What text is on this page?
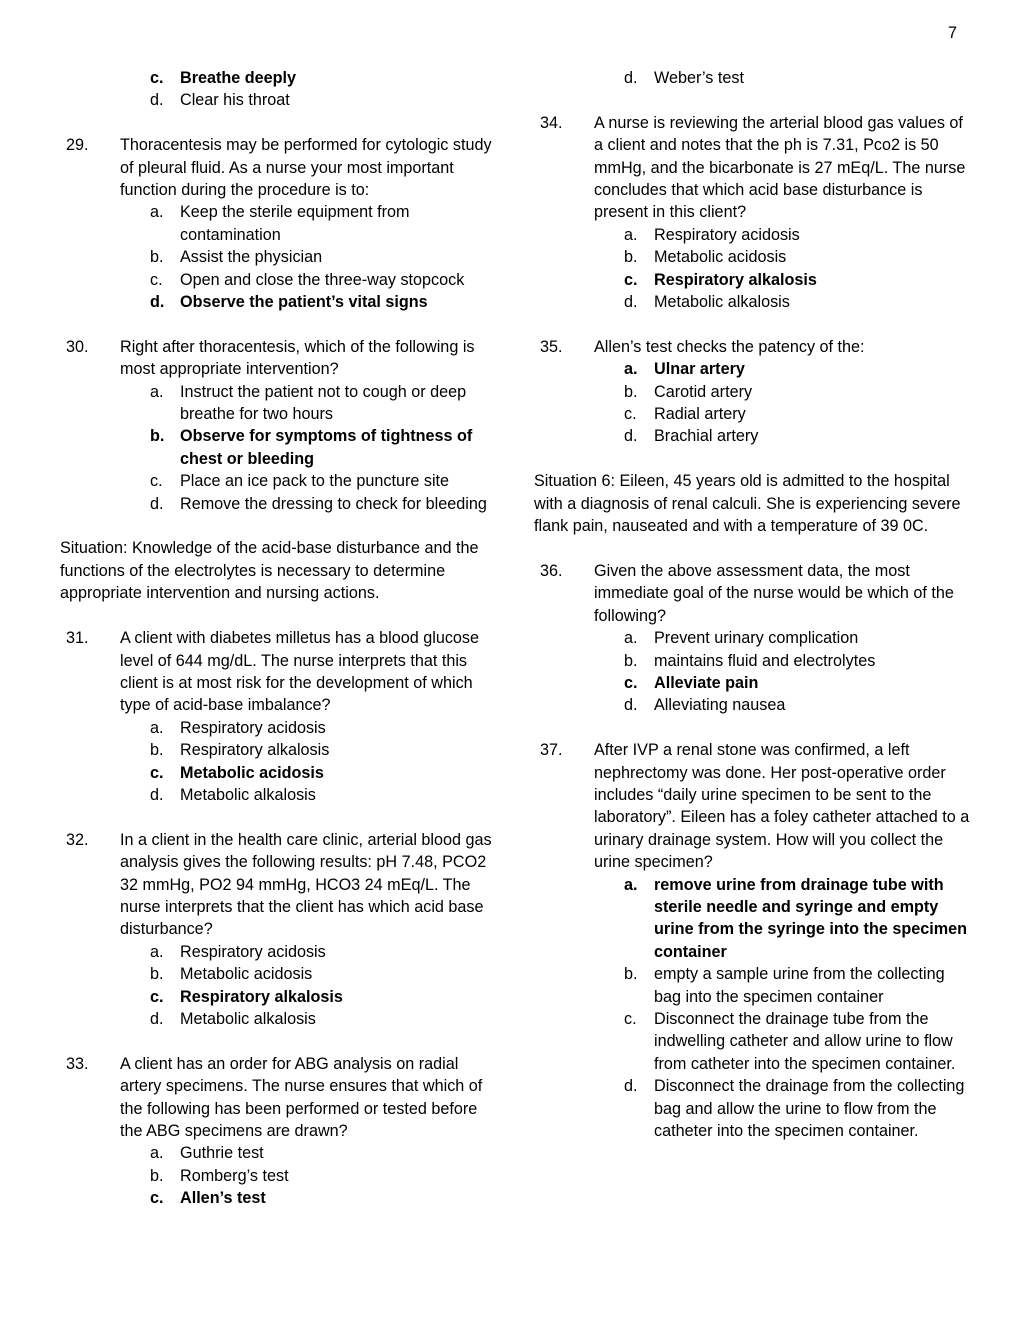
7
c.	Breathe deeply
d.	Clear his throat
29.	Thoracentesis may be performed for cytologic study of pleural fluid. As a nurse your most important function during the procedure is to:
a.	Keep the sterile equipment from contamination
b.	Assist the physician
c.	Open and close the three-way stopcock
d. Observe the patient’s vital signs
30.	Right after thoracentesis, which of the following is most appropriate intervention?
a.	Instruct the patient not to cough or deep breathe for two hours
b. Observe for symptoms of tightness of chest or bleeding
c.	Place an ice pack to the puncture site
d.	Remove the dressing to check for bleeding
Situation: Knowledge of the acid-base disturbance and the functions of the electrolytes is necessary to determine appropriate intervention and nursing actions.
31.	A client with diabetes milletus has a blood glucose level of 644 mg/dL. The nurse interprets that this client is at most risk for the development of which type of acid-base imbalance?
a.	Respiratory acidosis
b.	Respiratory alkalosis
c.	Metabolic acidosis
d.	Metabolic alkalosis
32.	In a client in the health care clinic, arterial blood gas analysis gives the following results: pH 7.48, PCO2 32 mmHg, PO2 94 mmHg, HCO3 24 mEq/L. The nurse interprets that the client has which acid base disturbance?
a.	Respiratory acidosis
b.	Metabolic acidosis
c.	Respiratory alkalosis
d.	Metabolic alkalosis
33.	A client has an order for ABG analysis on radial artery specimens. The nurse ensures that which of the following has been performed or tested before the ABG specimens are drawn?
a.	Guthrie test
b.	Romberg’s test
c.	Allen’s test
d.	Weber’s test
34.	A nurse is reviewing the arterial blood gas values of a client and notes that the ph is 7.31, Pco2 is 50 mmHg, and the bicarbonate is 27 mEq/L. The nurse concludes that which acid base disturbance is present in this client?
a.	Respiratory acidosis
b.	Metabolic acidosis
c.	Respiratory alkalosis
d.	Metabolic alkalosis
35.	Allen’s test checks the patency of the:
a.	Ulnar artery
b.	Carotid artery
c.	Radial artery
d.	Brachial artery
Situation 6: Eileen, 45 years old is admitted to the hospital with a diagnosis of renal calculi. She is experiencing severe flank pain, nauseated and with a temperature of 39 0C.
36.	Given the above assessment data, the most immediate goal of the nurse would be which of the following?
a.	Prevent urinary complication
b.	maintains fluid and electrolytes
c.	Alleviate pain
d.	Alleviating nausea
37.	After IVP a renal stone was confirmed, a left nephrectomy was done. Her post-operative order includes “daily urine specimen to be sent to the laboratory”. Eileen has a foley catheter attached to a urinary drainage system. How will you collect the urine specimen?
a.	remove urine from drainage tube with sterile needle and syringe and empty urine from the syringe into the specimen container
b.	empty a sample urine from the collecting bag into the specimen container
c.	Disconnect the drainage tube from the indwelling catheter and allow urine to flow from catheter into the specimen container.
d.	Disconnect the drainage from the collecting bag and allow the urine to flow from the catheter into the specimen container.
